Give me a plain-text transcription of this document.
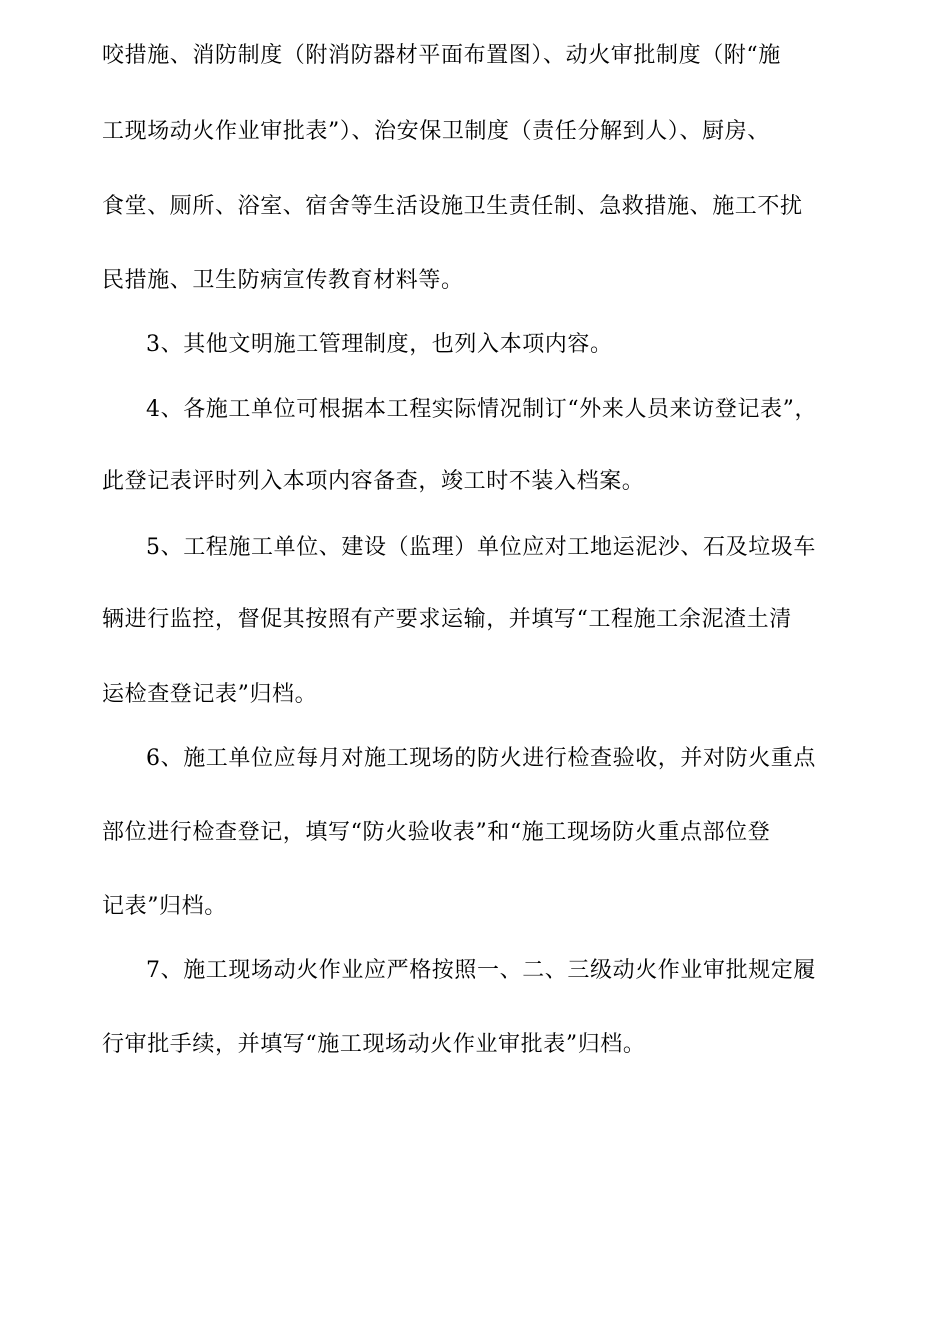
咬措施、消防制度（附消防器材平面布置图）、动火审批制度（附“施
工现场动火作业审批表”）、治安保卫制度（责任分解到人）、厨房、
食堂、厕所、浴室、宿舍等生活设施卫生责任制、急救措施、施工不扰
民措施、卫生防病宣传教育材料等。
3、其他文明施工管理制度，也列入本项内容。
4、各施工单位可根据本工程实际情况制订“外来人员来访登记表”，
此登记表评时列入本项内容备查，竣工时不装入档案。
5、工程施工单位、建设（监理）单位应对工地运泥沙、石及垃圾车
辆进行监控，督促其按照有产要求运输，并填写“工程施工余泥渣土清
运检查登记表”归档。
6、施工单位应每月对施工现场的防火进行检查验收，并对防火重点
部位进行检查登记，填写“防火验收表”和“施工现场防火重点部位登
记表”归档。
7、施工现场动火作业应严格按照一、二、三级动火作业审批规定履
行审批手续，并填写“施工现场动火作业审批表”归档。
